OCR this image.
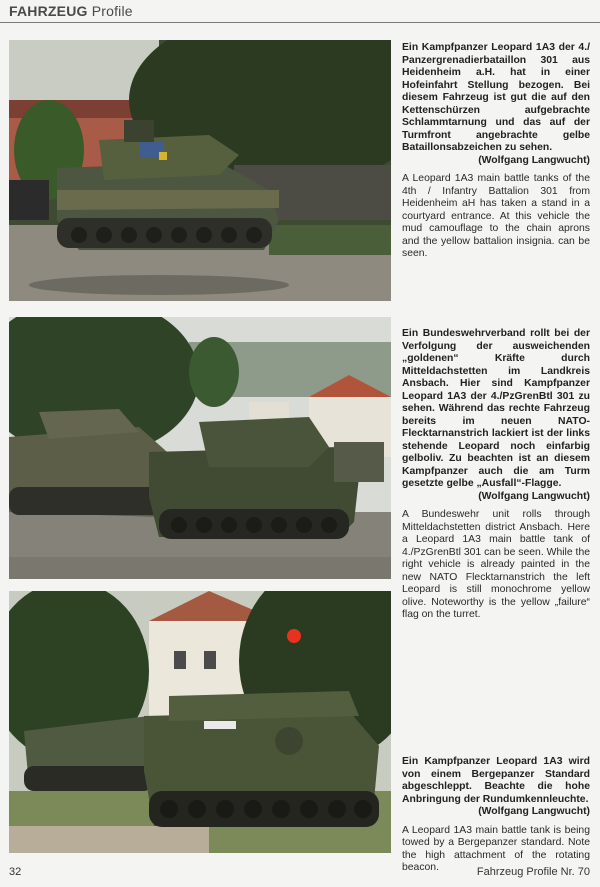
FAHRZEUG Profile

Ein Kampfpanzer Leopard 1A3 der 4./ Panzergrenadierbataillon 301 aus Heidenheim a.H. hat in einer Hofeinfahrt Stellung bezogen. Bei diesem Fahrzeug ist gut die auf den Kettenschürzen aufgebrachte Schlammtarnung und das auf der Turmfront angebrachte gelbe Bataillonsabzeichen zu sehen.

(Wolfgang Langwucht)

A Leopard 1A3 main battle tanks of the 4th / Infantry Battalion 301 from Heidenheim aH has taken a stand in a courtyard entrance. At this vehicle the mud camouflage to the chain aprons and the yellow battalion insignia. can be seen.

Ein Bundeswehrverband rollt bei der Verfolgung der ausweichenden „goldenen“ Kräfte durch Mitteldachstetten im Landkreis Ansbach. Hier sind Kampfpanzer Leopard 1A3 der 4./PzGrenBtl 301 zu sehen. Während das rechte Fahrzeug bereits im neuen NATO-Flecktarnanstrich lackiert ist der links stehende Leopard noch einfarbig gelboliv. Zu beachten ist an diesem Kampfpanzer auch die am Turm gesetzte gelbe „Ausfall“-Flagge.

(Wolfgang Langwucht)

A Bundeswehr unit rolls through Mitteldachstetten district Ansbach. Here a Leopard 1A3 main battle tank of 4./PzGrenBtl 301 can be seen. While the right vehicle is already painted in the new NATO Flecktarnanstrich the left Leopard is still monochrome yellow olive. Noteworthy is the yellow „failure“ flag on the turret.

Ein Kampfpanzer Leopard 1A3 wird von einem Bergepanzer Standard abgeschleppt. Beachte die hohe Anbringung der Rundumkennleuchte.

(Wolfgang Langwucht)

A Leopard 1A3 main battle tank is being towed by a Bergepanzer standard. Note the high attachment of the rotating beacon.

32	Fahrzeug Profile Nr. 70
